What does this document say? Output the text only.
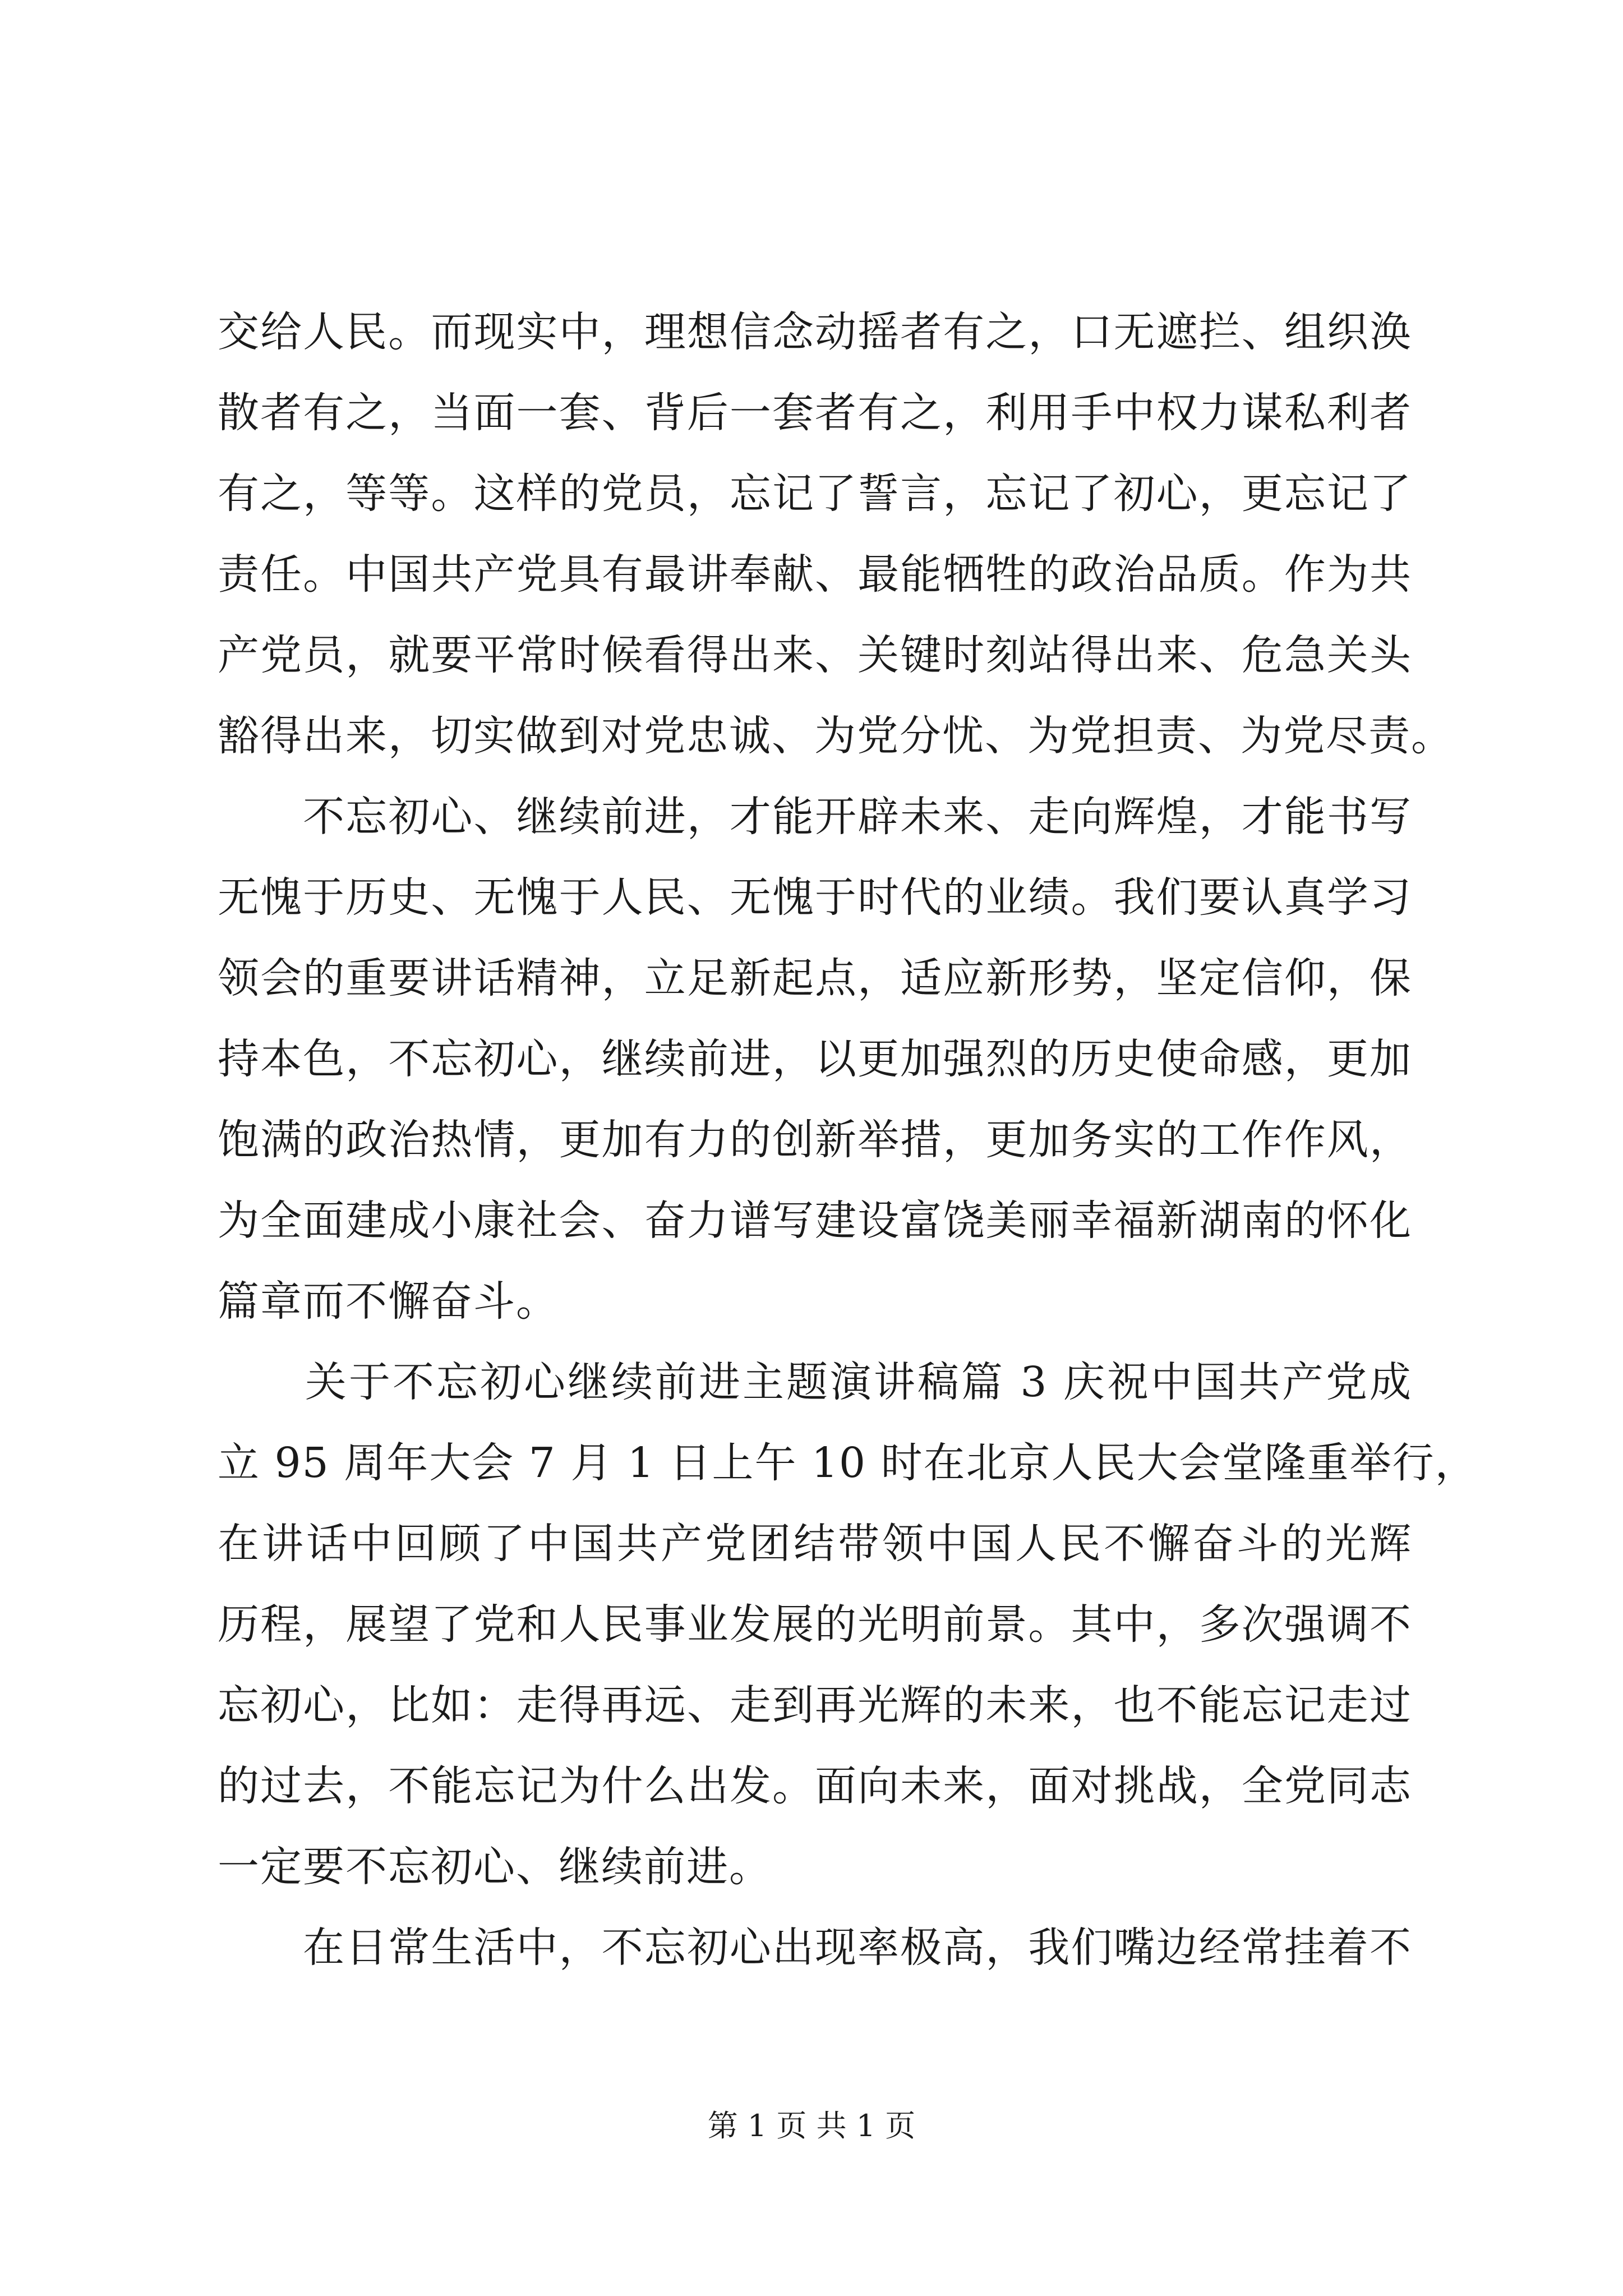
交给人民。而现实中，理想信念动摇者有之，口无遮拦、组织涣
散者有之，当面一套、背后一套者有之，利用手中权力谋私利者
有之，等等。这样的党员，忘记了誓言，忘记了初心，更忘记了
责任。中国共产党具有最讲奉献、最能牺牲的政治品质。作为共
产党员，就要平常时候看得出来、关键时刻站得出来、危急关头
豁得出来，切实做到对党忠诚、为党分忧、为党担责、为党尽责。
　　不忘初心、继续前进，才能开辟未来、走向辉煌，才能书写
无愧于历史、无愧于人民、无愧于时代的业绩。我们要认真学习
领会的重要讲话精神，立足新起点，适应新形势，坚定信仰，保
持本色，不忘初心，继续前进，以更加强烈的历史使命感，更加
饱满的政治热情，更加有力的创新举措，更加务实的工作作风，
为全面建成小康社会、奋力谱写建设富饶美丽幸福新湖南的怀化
篇章而不懈奋斗。
　　关于不忘初心继续前进主题演讲稿篇 3 庆祝中国共产党成
立 95 周年大会 7 月 1 日上午 10 时在北京人民大会堂隆重举行，
在讲话中回顾了中国共产党团结带领中国人民不懈奋斗的光辉
历程，展望了党和人民事业发展的光明前景。其中，多次强调不
忘初心，比如：走得再远、走到再光辉的未来，也不能忘记走过
的过去，不能忘记为什么出发。面向未来，面对挑战，全党同志
一定要不忘初心、继续前进。
　　在日常生活中，不忘初心出现率极高，我们嘴边经常挂着不
第 1 页 共 1 页
